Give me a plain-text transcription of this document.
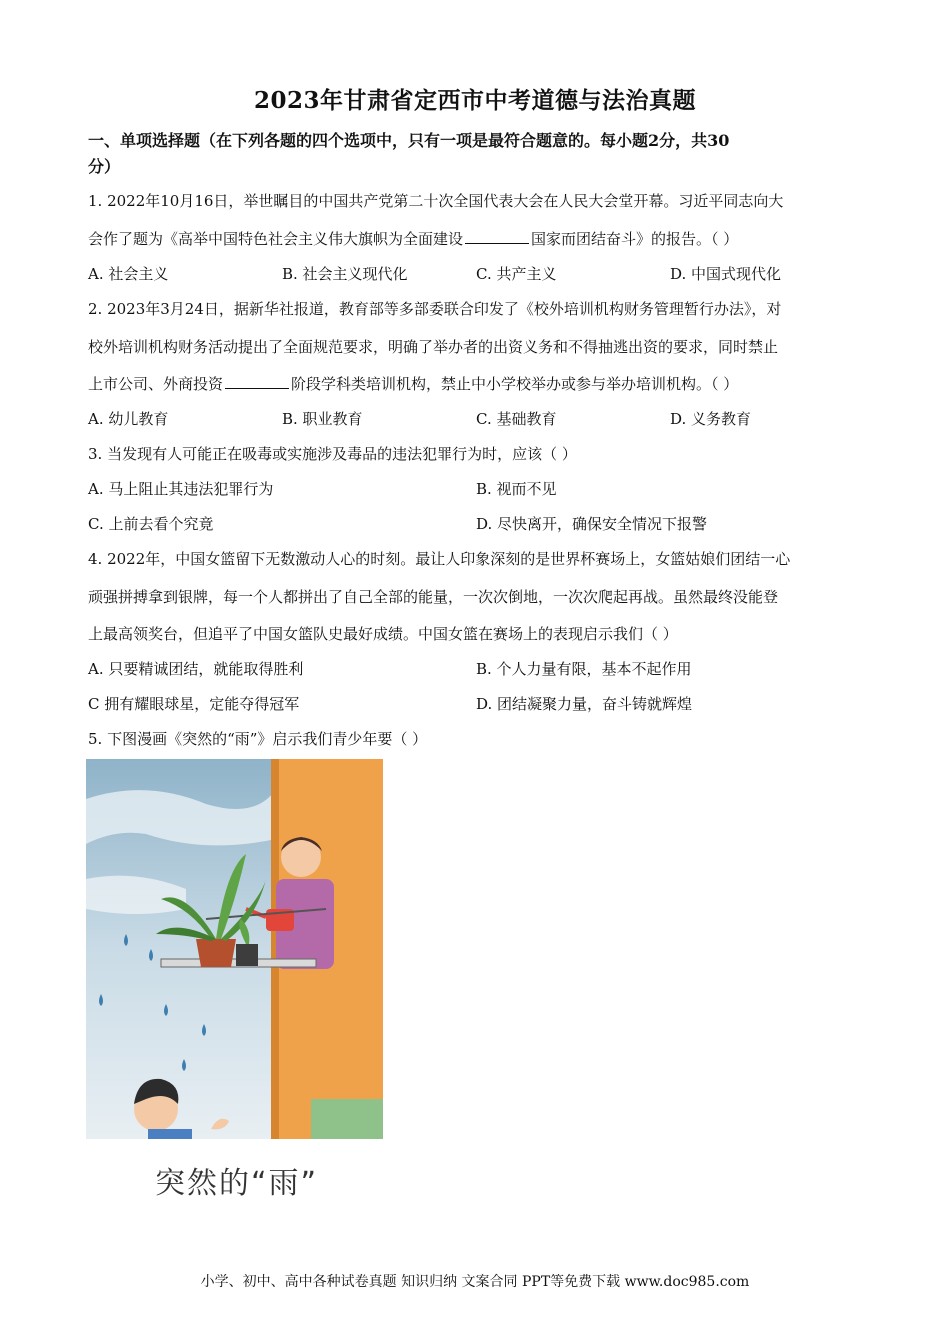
2023年甘肃省定西市中考道德与法治真题
一、单项选择题（在下列各题的四个选项中，只有一项是最符合题意的。每小题2分，共30
分）
1. 2022年10月16日，举世瞩目的中国共产党第二十次全国代表大会在人民大会堂开幕。习近平同志向大
会作了题为《高举中国特色社会主义伟大旗帜为全面建设	国家而团结奋斗》的报告。（ ）
A. 社会主义	B. 社会主义现代化	C. 共产主义	D. 中国式现代化
2. 2023年3月24日，据新华社报道，教育部等多部委联合印发了《校外培训机构财务管理暂行办法》，对
校外培训机构财务活动提出了全面规范要求，明确了举办者的出资义务和不得抽逃出资的要求，同时禁止
上市公司、外商投资	阶段学科类培训机构，禁止中小学校举办或参与举办培训机构。（ ）
A. 幼儿教育	B. 职业教育	C. 基础教育	D. 义务教育
3. 当发现有人可能正在吸毒或实施涉及毒品的违法犯罪行为时，应该（ ）
A. 马上阻止其违法犯罪行为	B. 视而不见
C. 上前去看个究竟	D. 尽快离开，确保安全情况下报警
4. 2022年，中国女篮留下无数激动人心的时刻。最让人印象深刻的是世界杯赛场上，女篮姑娘们团结一心
顽强拼搏拿到银牌，每一个人都拼出了自己全部的能量，一次次倒地，一次次爬起再战。虽然最终没能登
上最高领奖台，但追平了中国女篮队史最好成绩。中国女篮在赛场上的表现启示我们（ ）
A. 只要精诚团结，就能取得胜利	B. 个人力量有限，基本不起作用
C 拥有耀眼球星，定能夺得冠军	D. 团结凝聚力量，奋斗铸就辉煌
5. 下图漫画《突然的“雨”》启示我们青少年要（ ）
突然的“雨”
小学、初中、高中各种试卷真题 知识归纳 文案合同 PPT等免费下载 www.doc985.com
